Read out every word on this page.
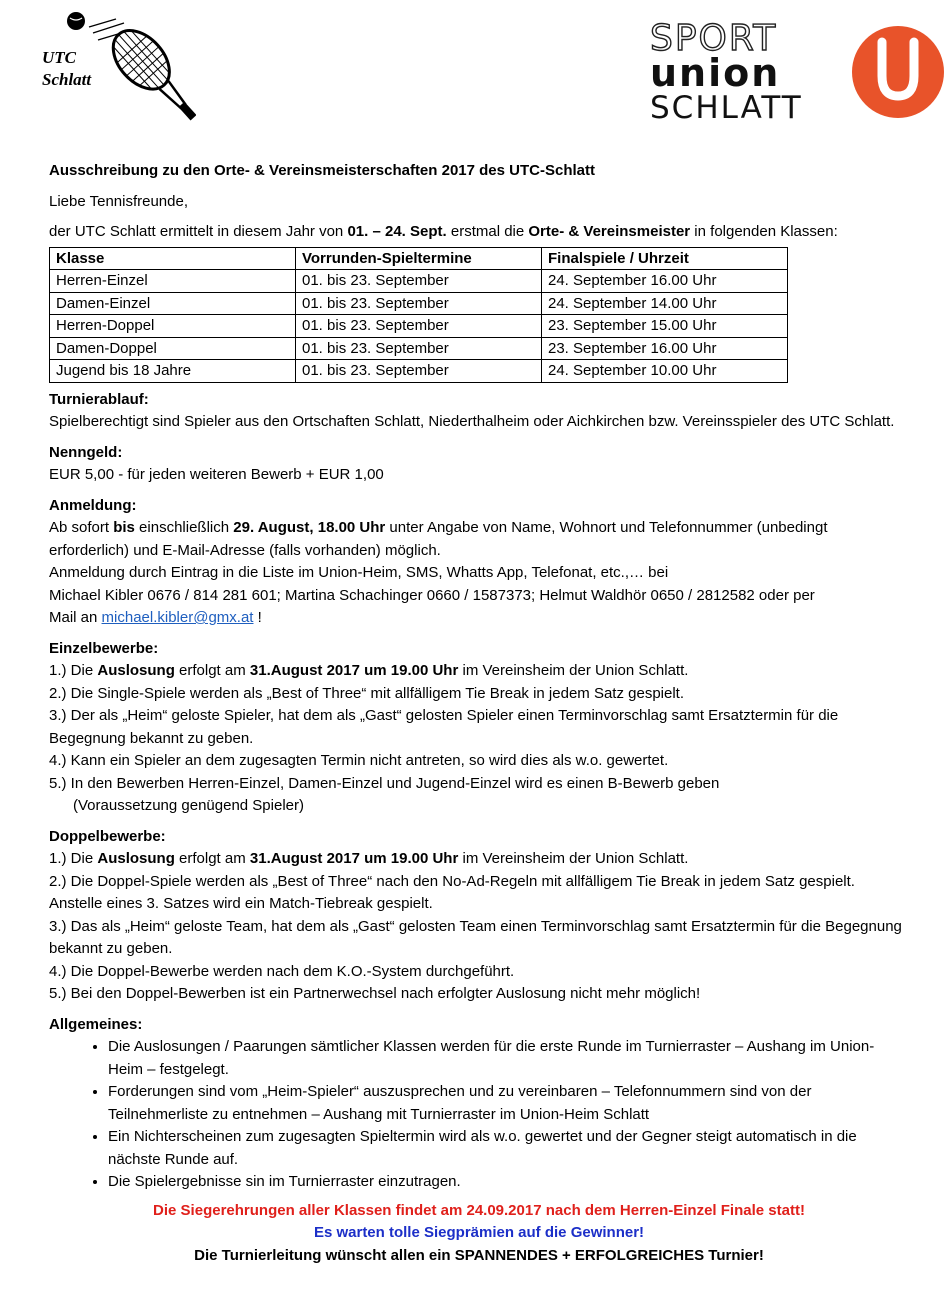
UTC
Schlatt
SPORT
union
SCHLATT

Ausschreibung zu den Orte- & Vereinsmeisterschaften 2017 des UTC-Schlatt

Liebe Tennisfreunde,

der UTC Schlatt ermittelt in diesem Jahr von 01. – 24. Sept. erstmal die Orte- & Vereinsmeister in folgenden Klassen:

Klasse	Vorrunden-Spieltermine	Finalspiele / Uhrzeit
Herren-Einzel	01. bis 23. September	24. September 16.00 Uhr
Damen-Einzel	01. bis 23. September	24. September 14.00 Uhr
Herren-Doppel	01. bis 23. September	23. September 15.00 Uhr
Damen-Doppel	01. bis 23. September	23. September 16.00 Uhr
Jugend bis 18 Jahre	01. bis 23. September	24. September 10.00 Uhr

Turnierablauf:

Spielberechtigt sind Spieler aus den Ortschaften Schlatt, Niederthalheim oder Aichkirchen bzw. Vereinsspieler des UTC Schlatt.

Nenngeld:

EUR 5,00 - für jeden weiteren Bewerb + EUR 1,00

Anmeldung:

Ab sofort bis einschließlich 29. August, 18.00 Uhr unter Angabe von Name, Wohnort und Telefonnummer (unbedingt erforderlich) und E-Mail-Adresse (falls vorhanden) möglich.

Anmeldung durch Eintrag in die Liste im Union-Heim, SMS, Whatts App, Telefonat, etc.,… bei

Michael Kibler 0676 / 814 281 601; Martina Schachinger 0660 / 1587373; Helmut Waldhör 0650 / 2812582 oder per

Mail an michael.kibler@gmx.at !

Einzelbewerbe:

1.) Die Auslosung erfolgt am 31.August 2017 um 19.00 Uhr im Vereinsheim der Union Schlatt.

2.) Die Single-Spiele werden als „Best of Three“ mit allfälligem Tie Break in jedem Satz gespielt.

3.) Der als „Heim“ geloste Spieler, hat dem als „Gast“ gelosten Spieler einen Terminvorschlag samt Ersatztermin für die Begegnung bekannt zu geben.

4.) Kann ein Spieler an dem zugesagten Termin nicht antreten, so wird dies als w.o. gewertet.

5.) In den Bewerben Herren-Einzel, Damen-Einzel und Jugend-Einzel wird es einen B-Bewerb geben

(Voraussetzung genügend Spieler)

Doppelbewerbe:

1.) Die Auslosung erfolgt am 31.August 2017 um 19.00 Uhr im Vereinsheim der Union Schlatt.

2.) Die Doppel-Spiele werden als „Best of Three“ nach den No-Ad-Regeln mit allfälligem Tie Break in jedem Satz gespielt. Anstelle eines 3. Satzes wird ein Match-Tiebreak gespielt.

3.) Das als „Heim“ geloste Team, hat dem als „Gast“ gelosten Team einen Terminvorschlag samt Ersatztermin für die Begegnung bekannt zu geben.

4.) Die Doppel-Bewerbe werden nach dem K.O.-System durchgeführt.

5.) Bei den Doppel-Bewerben ist ein Partnerwechsel nach erfolgter Auslosung nicht mehr möglich!

Allgemeines:

• Die Auslosungen / Paarungen sämtlicher Klassen werden für die erste Runde im Turnierraster – Aushang im Union-Heim – festgelegt.
• Forderungen sind vom „Heim-Spieler“ auszusprechen und zu vereinbaren – Telefonnummern sind von der Teilnehmerliste zu entnehmen – Aushang mit Turnierraster im Union-Heim Schlatt
• Ein Nichterscheinen zum zugesagten Spieltermin wird als w.o. gewertet und der Gegner steigt automatisch in die nächste Runde auf.
• Die Spielergebnisse sin im Turnierraster einzutragen.

Die Siegerehrungen aller Klassen findet am 24.09.2017 nach dem Herren-Einzel Finale statt!

Es warten tolle Siegprämien auf die Gewinner!

Die Turnierleitung wünscht allen ein SPANNENDES + ERFOLGREICHES Turnier!
